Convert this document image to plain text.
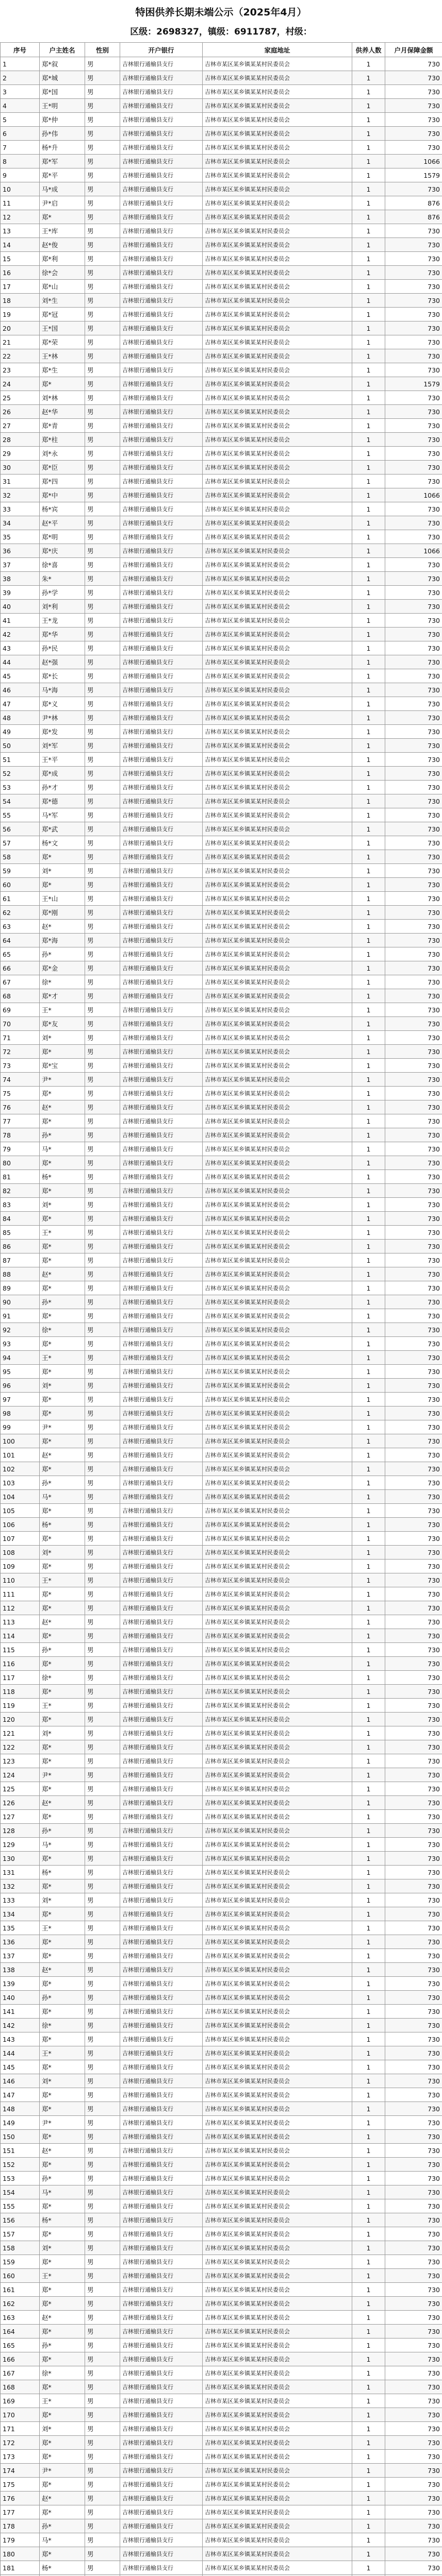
特困供养长期未端公示（2025年4月）
区级：2698327，镇级：6911787，村级：
序号	户主姓名	性别	开户银行	家庭地址	供养人数	户月保障金额
1	郑*叙	男	吉林银行通榆县支行	吉林市某区某乡镇某某村民委员会	1	730
2	郑*城	男	吉林银行通榆县支行	吉林市某区某乡镇某某村民委员会	1	730
3	郑*国	男	吉林银行通榆县支行	吉林市某区某乡镇某某村民委员会	1	730
4	王*明	男	吉林银行通榆县支行	吉林市某区某乡镇某某村民委员会	1	730
5	郑*仲	男	吉林银行通榆县支行	吉林市某区某乡镇某某村民委员会	1	730
6	孙*伟	男	吉林银行通榆县支行	吉林市某区某乡镇某某村民委员会	1	730
7	杨*升	男	吉林银行通榆县支行	吉林市某区某乡镇某某村民委员会	1	730
8	郑*军	男	吉林银行通榆县支行	吉林市某区某乡镇某某村民委员会	1	1066
9	郑*平	男	吉林银行通榆县支行	吉林市某区某乡镇某某村民委员会	1	1579
10	马*成	男	吉林银行通榆县支行	吉林市某区某乡镇某某村民委员会	1	730
11	尹*启	男	吉林银行通榆县支行	吉林市某区某乡镇某某村民委员会	1	876
12	郑*	男	吉林银行通榆县支行	吉林市某区某乡镇某某村民委员会	1	876
13	王*库	男	吉林银行通榆县支行	吉林市某区某乡镇某某村民委员会	1	730
14	赵*俊	男	吉林银行通榆县支行	吉林市某区某乡镇某某村民委员会	1	730
15	郑*利	男	吉林银行通榆县支行	吉林市某区某乡镇某某村民委员会	1	730
16	徐*会	男	吉林银行通榆县支行	吉林市某区某乡镇某某村民委员会	1	730
17	郑*山	男	吉林银行通榆县支行	吉林市某区某乡镇某某村民委员会	1	730
18	刘*生	男	吉林银行通榆县支行	吉林市某区某乡镇某某村民委员会	1	730
19	郑*冠	男	吉林银行通榆县支行	吉林市某区某乡镇某某村民委员会	1	730
20	王*国	男	吉林银行通榆县支行	吉林市某区某乡镇某某村民委员会	1	730
21	郑*荣	男	吉林银行通榆县支行	吉林市某区某乡镇某某村民委员会	1	730
22	王*林	男	吉林银行通榆县支行	吉林市某区某乡镇某某村民委员会	1	730
23	郑*生	男	吉林银行通榆县支行	吉林市某区某乡镇某某村民委员会	1	730
24	郑*	男	吉林银行通榆县支行	吉林市某区某乡镇某某村民委员会	1	1579
25	刘*林	男	吉林银行通榆县支行	吉林市某区某乡镇某某村民委员会	1	730
26	赵*华	男	吉林银行通榆县支行	吉林市某区某乡镇某某村民委员会	1	730
27	郑*青	男	吉林银行通榆县支行	吉林市某区某乡镇某某村民委员会	1	730
28	郑*柱	男	吉林银行通榆县支行	吉林市某区某乡镇某某村民委员会	1	730
29	刘*永	男	吉林银行通榆县支行	吉林市某区某乡镇某某村民委员会	1	730
30	郑*臣	男	吉林银行通榆县支行	吉林市某区某乡镇某某村民委员会	1	730
31	郑*四	男	吉林银行通榆县支行	吉林市某区某乡镇某某村民委员会	1	730
32	郑*中	男	吉林银行通榆县支行	吉林市某区某乡镇某某村民委员会	1	1066
33	杨*宾	男	吉林银行通榆县支行	吉林市某区某乡镇某某村民委员会	1	730
34	赵*平	男	吉林银行通榆县支行	吉林市某区某乡镇某某村民委员会	1	730
35	郑*明	男	吉林银行通榆县支行	吉林市某区某乡镇某某村民委员会	1	730
36	郑*庆	男	吉林银行通榆县支行	吉林市某区某乡镇某某村民委员会	1	1066
37	徐*喜	男	吉林银行通榆县支行	吉林市某区某乡镇某某村民委员会	1	730
38	朱*	男	吉林银行通榆县支行	吉林市某区某乡镇某某村民委员会	1	730
39	孙*学	男	吉林银行通榆县支行	吉林市某区某乡镇某某村民委员会	1	730
40	刘*利	男	吉林银行通榆县支行	吉林市某区某乡镇某某村民委员会	1	730
41	王*龙	男	吉林银行通榆县支行	吉林市某区某乡镇某某村民委员会	1	730
42	郑*华	男	吉林银行通榆县支行	吉林市某区某乡镇某某村民委员会	1	730
43	孙*民	男	吉林银行通榆县支行	吉林市某区某乡镇某某村民委员会	1	730
44	赵*强	男	吉林银行通榆县支行	吉林市某区某乡镇某某村民委员会	1	730
45	郑*长	男	吉林银行通榆县支行	吉林市某区某乡镇某某村民委员会	1	730
46	马*海	男	吉林银行通榆县支行	吉林市某区某乡镇某某村民委员会	1	730
47	郑*义	男	吉林银行通榆县支行	吉林市某区某乡镇某某村民委员会	1	730
48	尹*林	男	吉林银行通榆县支行	吉林市某区某乡镇某某村民委员会	1	730
49	郑*发	男	吉林银行通榆县支行	吉林市某区某乡镇某某村民委员会	1	730
50	刘*军	男	吉林银行通榆县支行	吉林市某区某乡镇某某村民委员会	1	730
51	王*平	男	吉林银行通榆县支行	吉林市某区某乡镇某某村民委员会	1	730
52	郑*成	男	吉林银行通榆县支行	吉林市某区某乡镇某某村民委员会	1	730
53	孙*才	男	吉林银行通榆县支行	吉林市某区某乡镇某某村民委员会	1	730
54	郑*德	男	吉林银行通榆县支行	吉林市某区某乡镇某某村民委员会	1	730
55	马*军	男	吉林银行通榆县支行	吉林市某区某乡镇某某村民委员会	1	730
56	郑*武	男	吉林银行通榆县支行	吉林市某区某乡镇某某村民委员会	1	730
57	杨*文	男	吉林银行通榆县支行	吉林市某区某乡镇某某村民委员会	1	730
58	郑*	男	吉林银行通榆县支行	吉林市某区某乡镇某某村民委员会	1	730
59	刘*	男	吉林银行通榆县支行	吉林市某区某乡镇某某村民委员会	1	730
60	郑*	男	吉林银行通榆县支行	吉林市某区某乡镇某某村民委员会	1	730
61	王*山	男	吉林银行通榆县支行	吉林市某区某乡镇某某村民委员会	1	730
62	郑*刚	男	吉林银行通榆县支行	吉林市某区某乡镇某某村民委员会	1	730
63	赵*	男	吉林银行通榆县支行	吉林市某区某乡镇某某村民委员会	1	730
64	郑*海	男	吉林银行通榆县支行	吉林市某区某乡镇某某村民委员会	1	730
65	孙*	男	吉林银行通榆县支行	吉林市某区某乡镇某某村民委员会	1	730
66	郑*金	男	吉林银行通榆县支行	吉林市某区某乡镇某某村民委员会	1	730
67	徐*	男	吉林银行通榆县支行	吉林市某区某乡镇某某村民委员会	1	730
68	郑*才	男	吉林银行通榆县支行	吉林市某区某乡镇某某村民委员会	1	730
69	王*	男	吉林银行通榆县支行	吉林市某区某乡镇某某村民委员会	1	730
70	郑*友	男	吉林银行通榆县支行	吉林市某区某乡镇某某村民委员会	1	730
71	刘*	男	吉林银行通榆县支行	吉林市某区某乡镇某某村民委员会	1	730
72	郑*	男	吉林银行通榆县支行	吉林市某区某乡镇某某村民委员会	1	730
73	郑*宝	男	吉林银行通榆县支行	吉林市某区某乡镇某某村民委员会	1	730
74	尹*	男	吉林银行通榆县支行	吉林市某区某乡镇某某村民委员会	1	730
75	郑*	男	吉林银行通榆县支行	吉林市某区某乡镇某某村民委员会	1	730
76	赵*	男	吉林银行通榆县支行	吉林市某区某乡镇某某村民委员会	1	730
77	郑*	男	吉林银行通榆县支行	吉林市某区某乡镇某某村民委员会	1	730
78	孙*	男	吉林银行通榆县支行	吉林市某区某乡镇某某村民委员会	1	730
79	马*	男	吉林银行通榆县支行	吉林市某区某乡镇某某村民委员会	1	730
80	郑*	男	吉林银行通榆县支行	吉林市某区某乡镇某某村民委员会	1	730
81	杨*	男	吉林银行通榆县支行	吉林市某区某乡镇某某村民委员会	1	730
82	郑*	男	吉林银行通榆县支行	吉林市某区某乡镇某某村民委员会	1	730
83	刘*	男	吉林银行通榆县支行	吉林市某区某乡镇某某村民委员会	1	730
84	郑*	男	吉林银行通榆县支行	吉林市某区某乡镇某某村民委员会	1	730
85	王*	男	吉林银行通榆县支行	吉林市某区某乡镇某某村民委员会	1	730
86	郑*	男	吉林银行通榆县支行	吉林市某区某乡镇某某村民委员会	1	730
87	郑*	男	吉林银行通榆县支行	吉林市某区某乡镇某某村民委员会	1	730
88	赵*	男	吉林银行通榆县支行	吉林市某区某乡镇某某村民委员会	1	730
89	郑*	男	吉林银行通榆县支行	吉林市某区某乡镇某某村民委员会	1	730
90	孙*	男	吉林银行通榆县支行	吉林市某区某乡镇某某村民委员会	1	730
91	郑*	男	吉林银行通榆县支行	吉林市某区某乡镇某某村民委员会	1	730
92	徐*	男	吉林银行通榆县支行	吉林市某区某乡镇某某村民委员会	1	730
93	郑*	男	吉林银行通榆县支行	吉林市某区某乡镇某某村民委员会	1	730
94	王*	男	吉林银行通榆县支行	吉林市某区某乡镇某某村民委员会	1	730
95	郑*	男	吉林银行通榆县支行	吉林市某区某乡镇某某村民委员会	1	730
96	刘*	男	吉林银行通榆县支行	吉林市某区某乡镇某某村民委员会	1	730
97	郑*	男	吉林银行通榆县支行	吉林市某区某乡镇某某村民委员会	1	730
98	郑*	男	吉林银行通榆县支行	吉林市某区某乡镇某某村民委员会	1	730
99	尹*	男	吉林银行通榆县支行	吉林市某区某乡镇某某村民委员会	1	730
100	郑*	男	吉林银行通榆县支行	吉林市某区某乡镇某某村民委员会	1	730
101	赵*	男	吉林银行通榆县支行	吉林市某区某乡镇某某村民委员会	1	730
102	郑*	男	吉林银行通榆县支行	吉林市某区某乡镇某某村民委员会	1	730
103	孙*	男	吉林银行通榆县支行	吉林市某区某乡镇某某村民委员会	1	730
104	马*	男	吉林银行通榆县支行	吉林市某区某乡镇某某村民委员会	1	730
105	郑*	男	吉林银行通榆县支行	吉林市某区某乡镇某某村民委员会	1	730
106	杨*	男	吉林银行通榆县支行	吉林市某区某乡镇某某村民委员会	1	730
107	郑*	男	吉林银行通榆县支行	吉林市某区某乡镇某某村民委员会	1	730
108	刘*	男	吉林银行通榆县支行	吉林市某区某乡镇某某村民委员会	1	730
109	郑*	男	吉林银行通榆县支行	吉林市某区某乡镇某某村民委员会	1	730
110	王*	男	吉林银行通榆县支行	吉林市某区某乡镇某某村民委员会	1	730
111	郑*	男	吉林银行通榆县支行	吉林市某区某乡镇某某村民委员会	1	730
112	郑*	男	吉林银行通榆县支行	吉林市某区某乡镇某某村民委员会	1	730
113	赵*	男	吉林银行通榆县支行	吉林市某区某乡镇某某村民委员会	1	730
114	郑*	男	吉林银行通榆县支行	吉林市某区某乡镇某某村民委员会	1	730
115	孙*	男	吉林银行通榆县支行	吉林市某区某乡镇某某村民委员会	1	730
116	郑*	男	吉林银行通榆县支行	吉林市某区某乡镇某某村民委员会	1	730
117	徐*	男	吉林银行通榆县支行	吉林市某区某乡镇某某村民委员会	1	730
118	郑*	男	吉林银行通榆县支行	吉林市某区某乡镇某某村民委员会	1	730
119	王*	男	吉林银行通榆县支行	吉林市某区某乡镇某某村民委员会	1	730
120	郑*	男	吉林银行通榆县支行	吉林市某区某乡镇某某村民委员会	1	730
121	刘*	男	吉林银行通榆县支行	吉林市某区某乡镇某某村民委员会	1	730
122	郑*	男	吉林银行通榆县支行	吉林市某区某乡镇某某村民委员会	1	730
123	郑*	男	吉林银行通榆县支行	吉林市某区某乡镇某某村民委员会	1	730
124	尹*	男	吉林银行通榆县支行	吉林市某区某乡镇某某村民委员会	1	730
125	郑*	男	吉林银行通榆县支行	吉林市某区某乡镇某某村民委员会	1	730
126	赵*	男	吉林银行通榆县支行	吉林市某区某乡镇某某村民委员会	1	730
127	郑*	男	吉林银行通榆县支行	吉林市某区某乡镇某某村民委员会	1	730
128	孙*	男	吉林银行通榆县支行	吉林市某区某乡镇某某村民委员会	1	730
129	马*	男	吉林银行通榆县支行	吉林市某区某乡镇某某村民委员会	1	730
130	郑*	男	吉林银行通榆县支行	吉林市某区某乡镇某某村民委员会	1	730
131	杨*	男	吉林银行通榆县支行	吉林市某区某乡镇某某村民委员会	1	730
132	郑*	男	吉林银行通榆县支行	吉林市某区某乡镇某某村民委员会	1	730
133	刘*	男	吉林银行通榆县支行	吉林市某区某乡镇某某村民委员会	1	730
134	郑*	男	吉林银行通榆县支行	吉林市某区某乡镇某某村民委员会	1	730
135	王*	男	吉林银行通榆县支行	吉林市某区某乡镇某某村民委员会	1	730
136	郑*	男	吉林银行通榆县支行	吉林市某区某乡镇某某村民委员会	1	730
137	郑*	男	吉林银行通榆县支行	吉林市某区某乡镇某某村民委员会	1	730
138	赵*	男	吉林银行通榆县支行	吉林市某区某乡镇某某村民委员会	1	730
139	郑*	男	吉林银行通榆县支行	吉林市某区某乡镇某某村民委员会	1	730
140	孙*	男	吉林银行通榆县支行	吉林市某区某乡镇某某村民委员会	1	730
141	郑*	男	吉林银行通榆县支行	吉林市某区某乡镇某某村民委员会	1	730
142	徐*	男	吉林银行通榆县支行	吉林市某区某乡镇某某村民委员会	1	730
143	郑*	男	吉林银行通榆县支行	吉林市某区某乡镇某某村民委员会	1	730
144	王*	男	吉林银行通榆县支行	吉林市某区某乡镇某某村民委员会	1	730
145	郑*	男	吉林银行通榆县支行	吉林市某区某乡镇某某村民委员会	1	730
146	刘*	男	吉林银行通榆县支行	吉林市某区某乡镇某某村民委员会	1	730
147	郑*	男	吉林银行通榆县支行	吉林市某区某乡镇某某村民委员会	1	730
148	郑*	男	吉林银行通榆县支行	吉林市某区某乡镇某某村民委员会	1	730
149	尹*	男	吉林银行通榆县支行	吉林市某区某乡镇某某村民委员会	1	730
150	郑*	男	吉林银行通榆县支行	吉林市某区某乡镇某某村民委员会	1	730
151	赵*	男	吉林银行通榆县支行	吉林市某区某乡镇某某村民委员会	1	730
152	郑*	男	吉林银行通榆县支行	吉林市某区某乡镇某某村民委员会	1	730
153	孙*	男	吉林银行通榆县支行	吉林市某区某乡镇某某村民委员会	1	730
154	马*	男	吉林银行通榆县支行	吉林市某区某乡镇某某村民委员会	1	730
155	郑*	男	吉林银行通榆县支行	吉林市某区某乡镇某某村民委员会	1	730
156	杨*	男	吉林银行通榆县支行	吉林市某区某乡镇某某村民委员会	1	730
157	郑*	男	吉林银行通榆县支行	吉林市某区某乡镇某某村民委员会	1	730
158	刘*	男	吉林银行通榆县支行	吉林市某区某乡镇某某村民委员会	1	730
159	郑*	男	吉林银行通榆县支行	吉林市某区某乡镇某某村民委员会	1	730
160	王*	男	吉林银行通榆县支行	吉林市某区某乡镇某某村民委员会	1	730
161	郑*	男	吉林银行通榆县支行	吉林市某区某乡镇某某村民委员会	1	730
162	郑*	男	吉林银行通榆县支行	吉林市某区某乡镇某某村民委员会	1	730
163	赵*	男	吉林银行通榆县支行	吉林市某区某乡镇某某村民委员会	1	730
164	郑*	男	吉林银行通榆县支行	吉林市某区某乡镇某某村民委员会	1	730
165	孙*	男	吉林银行通榆县支行	吉林市某区某乡镇某某村民委员会	1	730
166	郑*	男	吉林银行通榆县支行	吉林市某区某乡镇某某村民委员会	1	730
167	徐*	男	吉林银行通榆县支行	吉林市某区某乡镇某某村民委员会	1	730
168	郑*	男	吉林银行通榆县支行	吉林市某区某乡镇某某村民委员会	1	730
169	王*	男	吉林银行通榆县支行	吉林市某区某乡镇某某村民委员会	1	730
170	郑*	男	吉林银行通榆县支行	吉林市某区某乡镇某某村民委员会	1	730
171	刘*	男	吉林银行通榆县支行	吉林市某区某乡镇某某村民委员会	1	730
172	郑*	男	吉林银行通榆县支行	吉林市某区某乡镇某某村民委员会	1	730
173	郑*	男	吉林银行通榆县支行	吉林市某区某乡镇某某村民委员会	1	730
174	尹*	男	吉林银行通榆县支行	吉林市某区某乡镇某某村民委员会	1	730
175	郑*	男	吉林银行通榆县支行	吉林市某区某乡镇某某村民委员会	1	730
176	赵*	男	吉林银行通榆县支行	吉林市某区某乡镇某某村民委员会	1	730
177	郑*	男	吉林银行通榆县支行	吉林市某区某乡镇某某村民委员会	1	730
178	孙*	男	吉林银行通榆县支行	吉林市某区某乡镇某某村民委员会	1	730
179	马*	男	吉林银行通榆县支行	吉林市某区某乡镇某某村民委员会	1	730
180	郑*	男	吉林银行通榆县支行	吉林市某区某乡镇某某村民委员会	1	730
181	杨*	男	吉林银行通榆县支行	吉林市某区某乡镇某某村民委员会	1	730
